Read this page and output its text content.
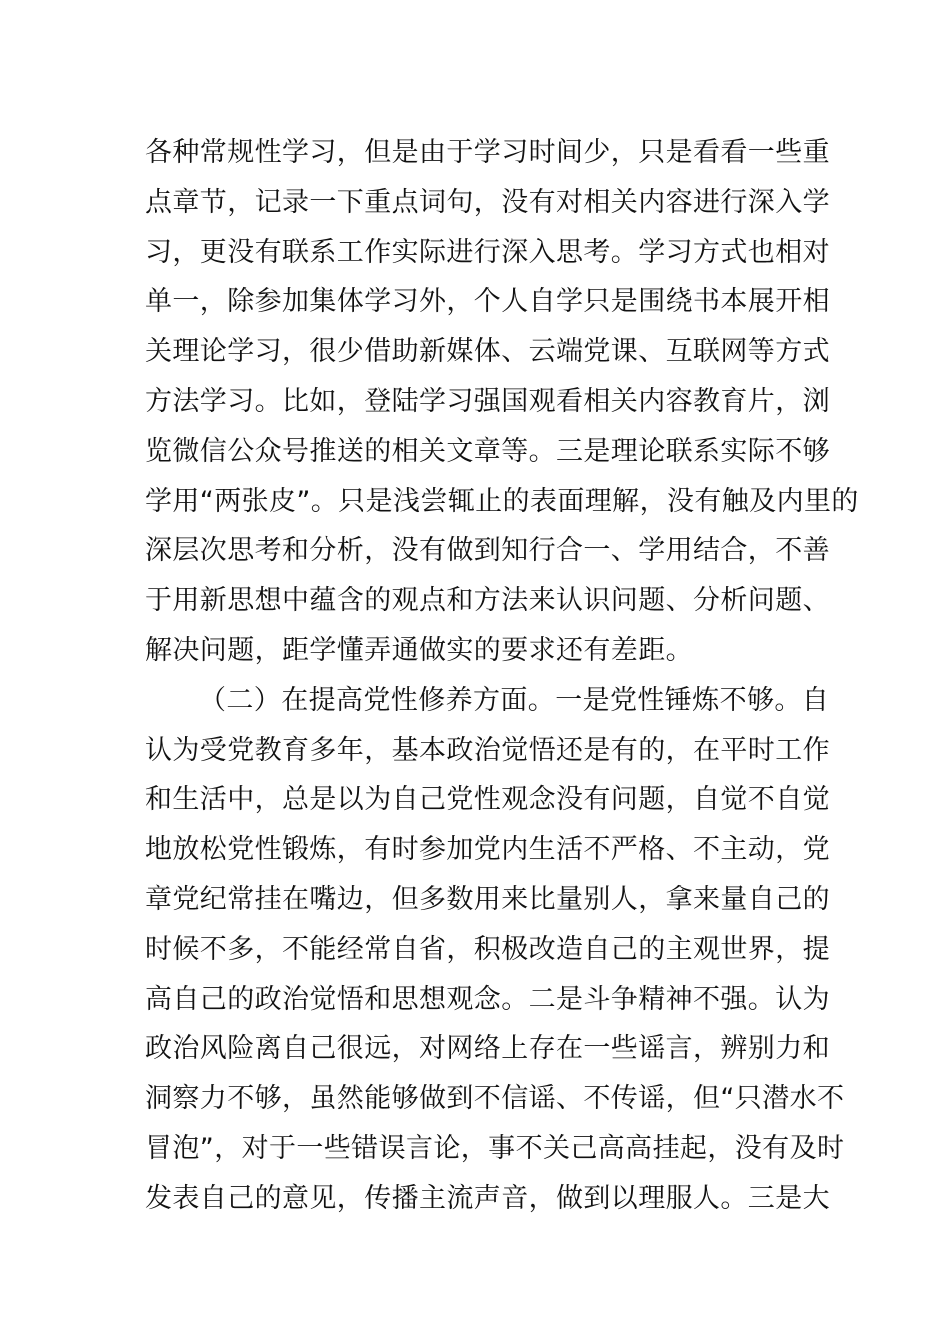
各种常规性学习，但是由于学习时间少，只是看看一些重
点章节，记录一下重点词句，没有对相关内容进行深入学
习，更没有联系工作实际进行深入思考。学习方式也相对
单一，除参加集体学习外，个人自学只是围绕书本展开相
关理论学习，很少借助新媒体、云端党课、互联网等方式
方法学习。比如，登陆学习强国观看相关内容教育片，浏
览微信公众号推送的相关文章等。三是理论联系实际不够
学用“两张皮”。只是浅尝辄止的表面理解，没有触及内里的
深层次思考和分析，没有做到知行合一、学用结合，不善
于用新思想中蕴含的观点和方法来认识问题、分析问题、
解决问题，距学懂弄通做实的要求还有差距。
（二）在提高党性修养方面。一是党性锤炼不够。自
认为受党教育多年，基本政治觉悟还是有的，在平时工作
和生活中，总是以为自己党性观念没有问题，自觉不自觉
地放松党性锻炼，有时参加党内生活不严格、不主动，党
章党纪常挂在嘴边，但多数用来比量别人，拿来量自己的
时候不多，不能经常自省，积极改造自己的主观世界，提
高自己的政治觉悟和思想观念。二是斗争精神不强。认为
政治风险离自己很远，对网络上存在一些谣言，辨别力和
洞察力不够，虽然能够做到不信谣、不传谣，但“只潜水不
冒泡”，对于一些错误言论，事不关己高高挂起，没有及时
发表自己的意见，传播主流声音，做到以理服人。三是大
